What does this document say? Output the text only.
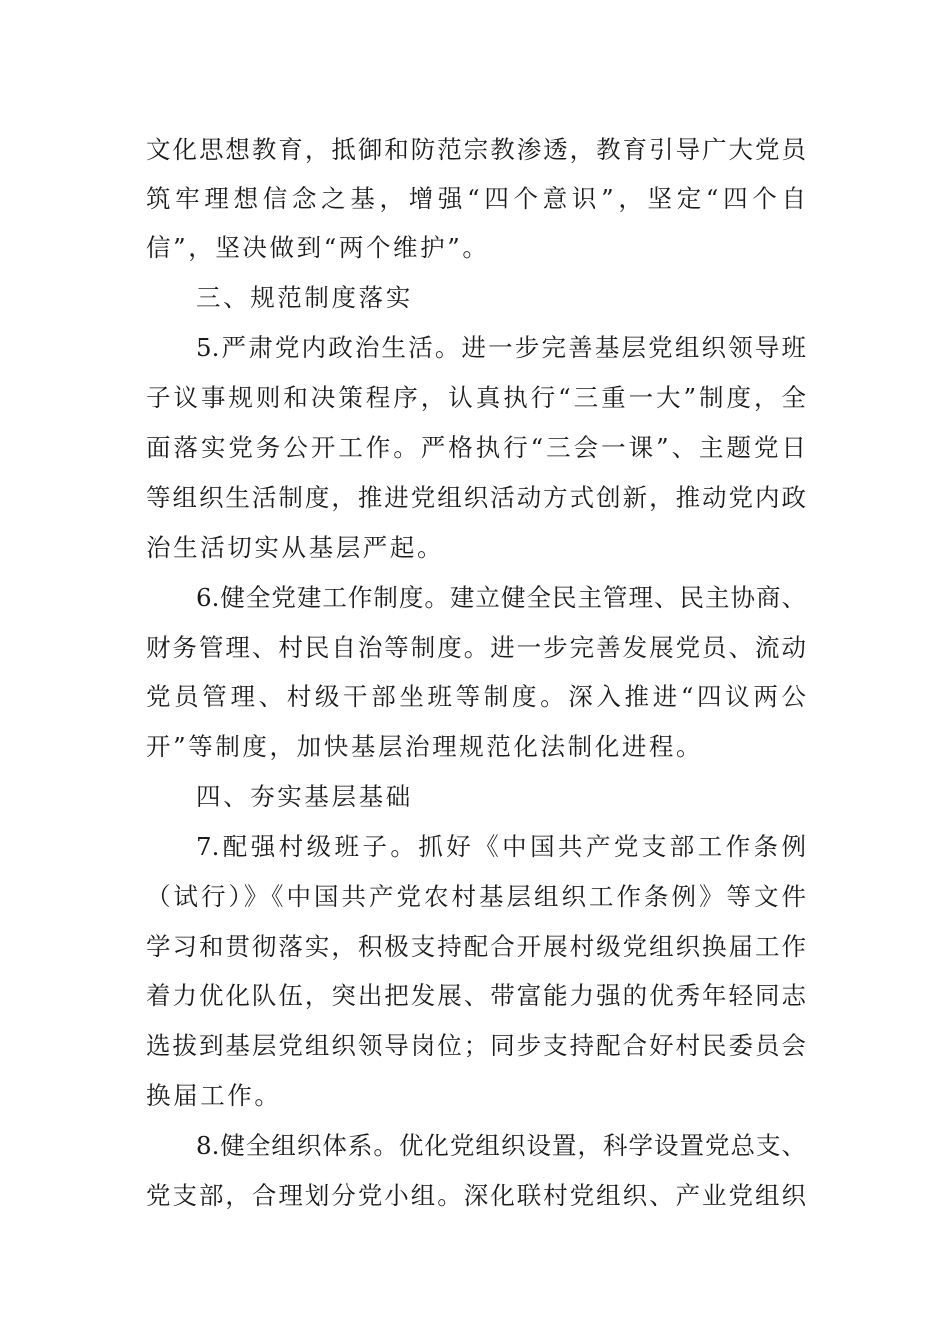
文化思想教育，抵御和防范宗教渗透，教育引导广大党员
筑牢理想信念之基，增强“四个意识”，坚定“四个自
信”，坚决做到“两个维护”。
三、规范制度落实
5.严肃党内政治生活。进一步完善基层党组织领导班
子议事规则和决策程序，认真执行“三重一大”制度，全
面落实党务公开工作。严格执行“三会一课”、主题党日
等组织生活制度，推进党组织活动方式创新，推动党内政
治生活切实从基层严起。
6.健全党建工作制度。建立健全民主管理、民主协商、
财务管理、村民自治等制度。进一步完善发展党员、流动
党员管理、村级干部坐班等制度。深入推进“四议两公
开”等制度，加快基层治理规范化法制化进程。
四、夯实基层基础
7.配强村级班子。抓好《中国共产党支部工作条例
（试行）》《中国共产党农村基层组织工作条例》等文件
学习和贯彻落实，积极支持配合开展村级党组织换届工作
着力优化队伍，突出把发展、带富能力强的优秀年轻同志
选拔到基层党组织领导岗位；同步支持配合好村民委员会
换届工作。
8.健全组织体系。优化党组织设置，科学设置党总支、
党支部，合理划分党小组。深化联村党组织、产业党组织
